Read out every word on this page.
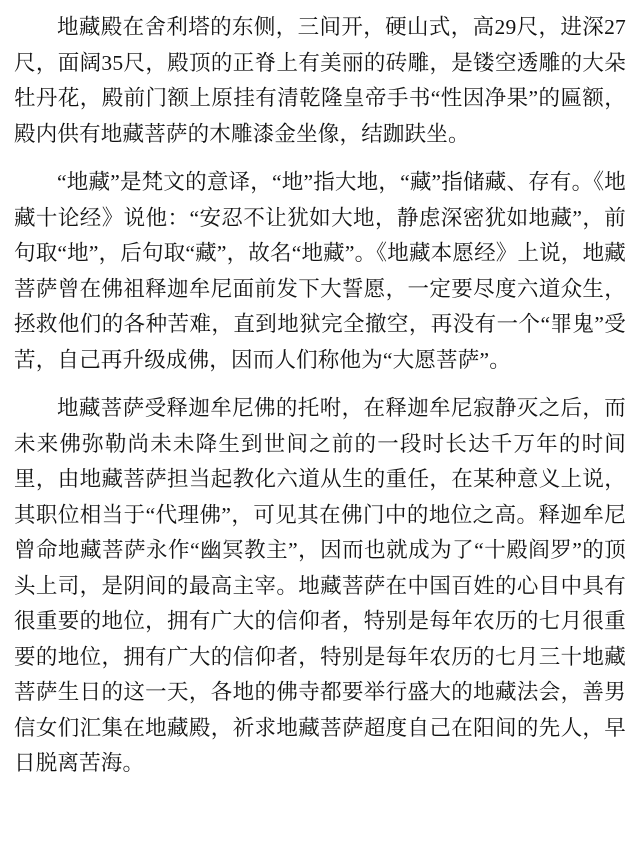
地藏殿在舍利塔的东侧，三间开，硬山式，高29尺，进深27尺，面阔35尺，殿顶的正脊上有美丽的砖雕，是镂空透雕的大朵牡丹花，殿前门额上原挂有清乾隆皇帝手书“性因净果”的匾额，殿内供有地藏菩萨的木雕漆金坐像，结跏趺坐。

“地藏”是梵文的意译，“地”指大地，“藏”指储藏、存有。《地藏十论经》说他：“安忍不让犹如大地，静虑深密犹如地藏”，前句取“地”，后句取“藏”，故名“地藏”。《地藏本愿经》上说，地藏菩萨曾在佛祖释迦牟尼面前发下大誓愿，一定要尽度六道众生，拯救他们的各种苦难，直到地狱完全撤空，再没有一个“罪鬼”受苦，自己再升级成佛，因而人们称他为“大愿菩萨”。

地藏菩萨受释迦牟尼佛的托咐，在释迦牟尼寂静灭之后，而未来佛弥勒尚未未降生到世间之前的一段时长达千万年的时间里，由地藏菩萨担当起教化六道从生的重任，在某种意义上说，其职位相当于“代理佛”，可见其在佛门中的地位之高。释迦牟尼曾命地藏菩萨永作“幽冥教主”，因而也就成为了“十殿阎罗”的顶头上司，是阴间的最高主宰。地藏菩萨在中国百姓的心目中具有很重要的地位，拥有广大的信仰者，特别是每年农历的七月很重要的地位，拥有广大的信仰者，特别是每年农历的七月三十地藏菩萨生日的这一天，各地的佛寺都要举行盛大的地藏法会，善男信女们汇集在地藏殿，祈求地藏菩萨超度自己在阳间的先人，早日脱离苦海。
